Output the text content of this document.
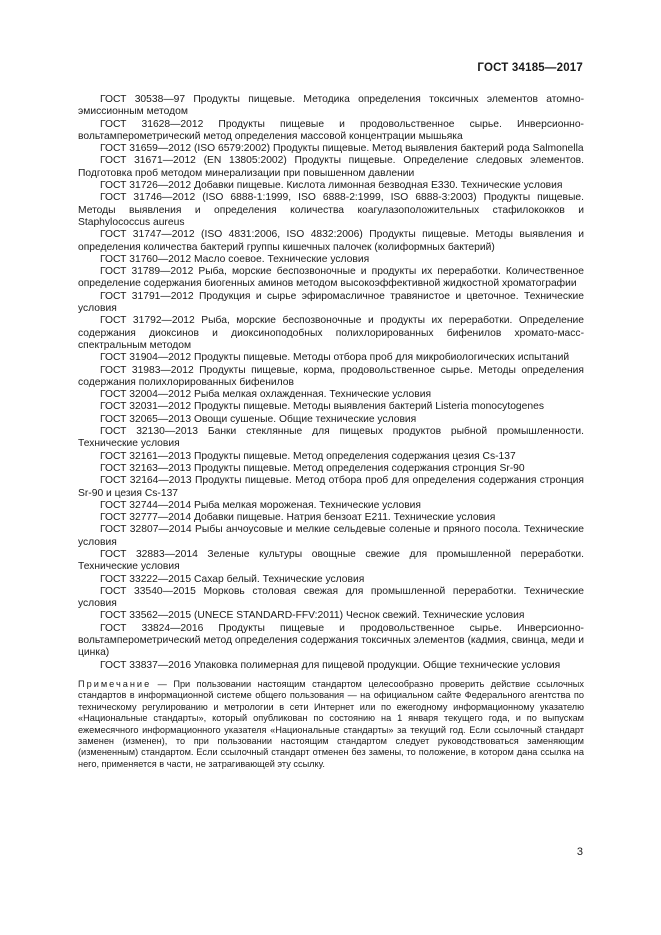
ГОСТ 34185—2017
ГОСТ 30538—97 Продукты пищевые. Методика определения токсичных элементов атомно-эмиссионным методом
ГОСТ 31628—2012 Продукты пищевые и продовольственное сырье. Инверсионно-вольтамперометрический метод определения массовой концентрации мышьяка
ГОСТ 31659—2012 (ISO 6579:2002) Продукты пищевые. Метод выявления бактерий рода Salmonella
ГОСТ 31671—2012 (EN 13805:2002) Продукты пищевые. Определение следовых элементов. Подготовка проб методом минерализации при повышенном давлении
ГОСТ 31726—2012 Добавки пищевые. Кислота лимонная безводная Е330. Технические условия
ГОСТ 31746—2012 (ISO 6888-1:1999, ISO 6888-2:1999, ISO 6888-3:2003) Продукты пищевые. Методы выявления и определения количества коагулазоположительных стафилококков и Staphylococcus aureus
ГОСТ 31747—2012 (ISO 4831:2006, ISO 4832:2006) Продукты пищевые. Методы выявления и определения количества бактерий группы кишечных палочек (колиформных бактерий)
ГОСТ 31760—2012 Масло соевое. Технические условия
ГОСТ 31789—2012 Рыба, морские беспозвоночные и продукты их переработки. Количественное определение содержания биогенных аминов методом высокоэффективной жидкостной хроматографии
ГОСТ 31791—2012 Продукция и сырье эфиромасличное травянистое и цветочное. Технические условия
ГОСТ 31792—2012 Рыба, морские беспозвоночные и продукты их переработки. Определение содержания диоксинов и диоксиноподобных полихлорированных бифенилов хромато-масс-спектральным методом
ГОСТ 31904—2012 Продукты пищевые. Методы отбора проб для микробиологических испытаний
ГОСТ 31983—2012 Продукты пищевые, корма, продовольственное сырье. Методы определения содержания полихлорированных бифенилов
ГОСТ 32004—2012 Рыба мелкая охлажденная. Технические условия
ГОСТ 32031—2012 Продукты пищевые. Методы выявления бактерий Listeria monocytogenes
ГОСТ 32065—2013 Овощи сушеные. Общие технические условия
ГОСТ 32130—2013 Банки стеклянные для пищевых продуктов рыбной промышленности. Технические условия
ГОСТ 32161—2013 Продукты пищевые. Метод определения содержания цезия Cs-137
ГОСТ 32163—2013 Продукты пищевые. Метод определения содержания стронция Sr-90
ГОСТ 32164—2013 Продукты пищевые. Метод отбора проб для определения содержания стронция Sr-90 и цезия Cs-137
ГОСТ 32744—2014 Рыба мелкая мороженая. Технические условия
ГОСТ 32777—2014 Добавки пищевые. Натрия бензоат Е211. Технические условия
ГОСТ 32807—2014 Рыбы анчоусовые и мелкие сельдевые соленые и пряного посола. Технические условия
ГОСТ 32883—2014 Зеленые культуры овощные свежие для промышленной переработки. Технические условия
ГОСТ 33222—2015 Сахар белый. Технические условия
ГОСТ 33540—2015 Морковь столовая свежая для промышленной переработки. Технические условия
ГОСТ 33562—2015 (UNECE STANDARD-FFV:2011) Чеснок свежий. Технические условия
ГОСТ 33824—2016 Продукты пищевые и продовольственное сырье. Инверсионно-вольтамперометрический метод определения содержания токсичных элементов (кадмия, свинца, меди и цинка)
ГОСТ 33837—2016 Упаковка полимерная для пищевой продукции. Общие технические условия

Примечание — При пользовании настоящим стандартом целесообразно проверить действие ссылочных стандартов в информационной системе общего пользования — на официальном сайте Федерального агентства по техническому регулированию и метрологии в сети Интернет или по ежегодному информационному указателю «Национальные стандарты», который опубликован по состоянию на 1 января текущего года, и по выпускам ежемесячного информационного указателя «Национальные стандарты» за текущий год. Если ссылочный стандарт заменен (изменен), то при пользовании настоящим стандартом следует руководствоваться заменяющим (измененным) стандартом. Если ссылочный стандарт отменен без замены, то положение, в котором дана ссылка на него, применяется в части, не затрагивающей эту ссылку.

3
